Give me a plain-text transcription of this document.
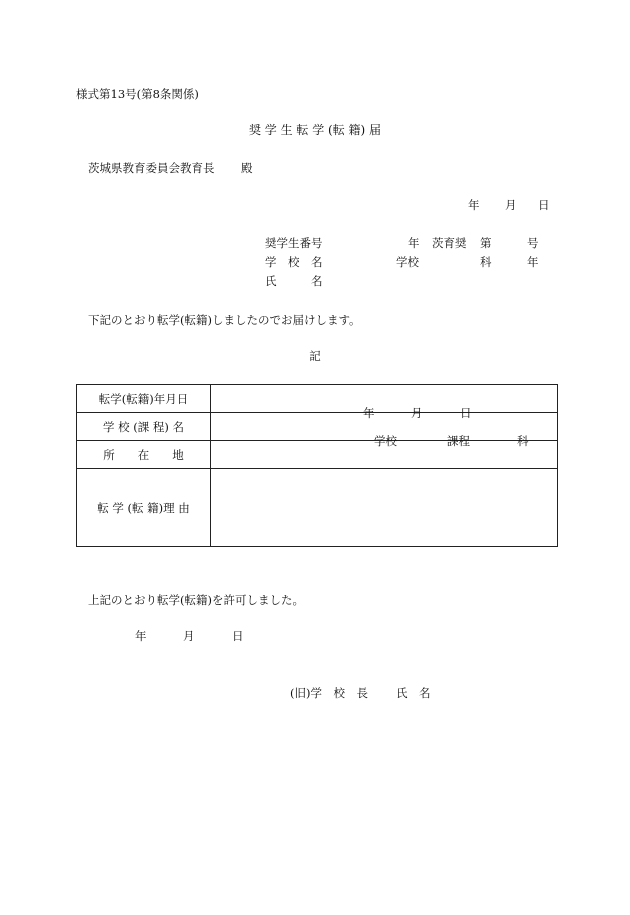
様式第13号(第8条関係)
奨 学 生 転 学 (転 籍) 届
茨城県教育委員会教育長 殿
年 月 日
奨学生番号	年 茨育奨 第	号
学　校　名	学校	科	年
氏　　　名
下記のとおり転学(転籍)しましたのでお届けします。
記
転学(転籍)年月日	年 月 日

学 校 (課 程) 名	学校 課程 科

所　　在　　地	
転 学 (転 籍)理 由	
上記のとおり転学(転籍)を許可しました。
年	月	日
(旧)学　校　長 氏　名
